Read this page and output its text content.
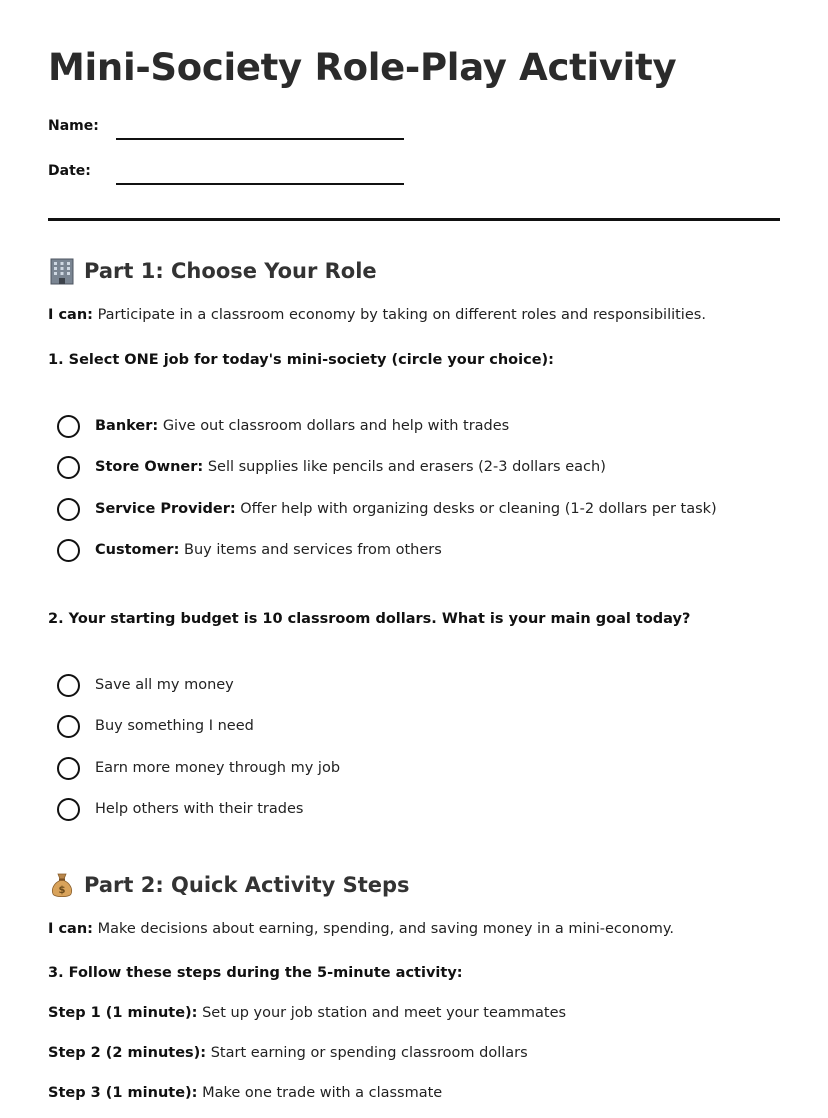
Mini-Society Role-Play Activity
Name:
Date:
Part 1: Choose Your Role

I can: Participate in a classroom economy by taking on different roles and responsibilities.

1. Select ONE job for today's mini-society (circle your choice):

Banker: Give out classroom dollars and help with trades
Store Owner: Sell supplies like pencils and erasers (2-3 dollars each)
Service Provider: Offer help with organizing desks or cleaning (1-2 dollars per task)
Customer: Buy items and services from others

2. Your starting budget is 10 classroom dollars. What is your main goal today?

Save all my money
Buy something I need
Earn more money through my job
Help others with their trades
$ Part 2: Quick Activity Steps

I can: Make decisions about earning, spending, and saving money in a mini-economy.

3. Follow these steps during the 5-minute activity:

Step 1 (1 minute): Set up your job station and meet your teammates

Step 2 (2 minutes): Start earning or spending classroom dollars

Step 3 (1 minute): Make one trade with a classmate
